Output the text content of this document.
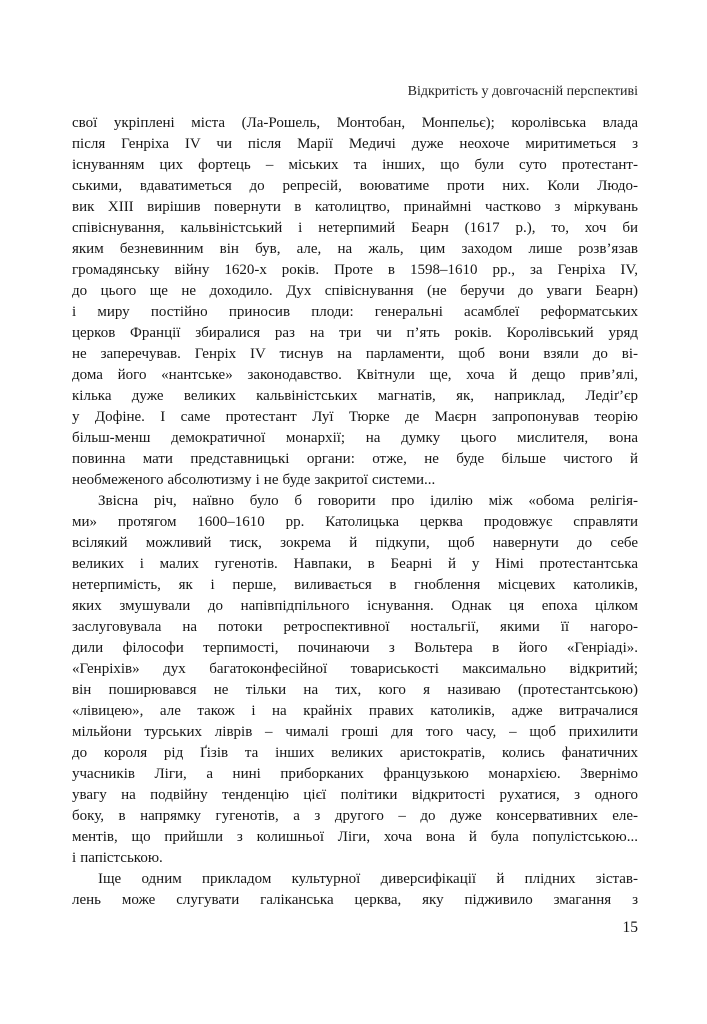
Відкритість у довгочасній перспективі
свої укріплені міста (Ла-Рошель, Монтобан, Монпельє); королівська влада
після Генріха IV чи після Марії Медичі дуже неохоче миритиметься з
існуванням цих фортець – міських та інших, що були суто протестант-
ськими, вдаватиметься до репресій, воюватиме проти них. Коли Людо-
вик XIII вирішив повернути в католицтво, принаймні частково з міркувань
співіснування, кальвіністський і нетерпимий Беарн (1617 р.), то, хоч би
яким безневинним він був, але, на жаль, цим заходом лише розв’язав
громадянську війну 1620-х років. Проте в 1598–1610 рр., за Генріха IV,
до цього ще не доходило. Дух співіснування (не беручи до уваги Беарн)
і миру постійно приносив плоди: генеральні асамблеї реформатських
церков Франції збиралися раз на три чи п’ять років. Королівський уряд
не заперечував. Генріх IV тиснув на парламенти, щоб вони взяли до ві-
дома його «нантське» законодавство. Квітнули ще, хоча й дещо прив’ялі,
кілька дуже великих кальвіністських магнатів, як, наприклад, Ледіґ’єр
у Дофіне. І саме протестант Луї Тюрке де Маєрн запропонував теорію
більш-менш демократичної монархії; на думку цього мислителя, вона
повинна мати представницькі органи: отже, не буде більше чистого й
необмеженого абсолютизму і не буде закритої системи...
Звісна річ, наївно було б говорити про ідилію між «обома релігія-
ми» протягом 1600–1610 рр. Католицька церква продовжує справляти
всілякий можливий тиск, зокрема й підкупи, щоб навернути до себе
великих і малих гугенотів. Навпаки, в Беарні й у Німі протестантська
нетерпимість, як і перше, виливається в гноблення місцевих католиків,
яких змушували до напівпідпільного існування. Однак ця епоха цілком
заслуговувала на потоки ретроспективної ностальгії, якими її нагоро-
дили філософи терпимості, починаючи з Вольтера в його «Генріаді».
«Генріхів» дух багатоконфесійної товариськості максимально відкритий;
він поширювався не тільки на тих, кого я називаю (протестантською)
«лівицею», але також і на крайніх правих католиків, адже витрачалися
мільйони турських ліврів – чималі гроші для того часу, – щоб прихилити
до короля рід Ґізів та інших великих аристократів, колись фанатичних
учасників Ліги, а нині приборканих французькою монархією. Звернімо
увагу на подвійну тенденцію цієї політики відкритості рухатися, з одного
боку, в напрямку гугенотів, а з другого – до дуже консервативних еле-
ментів, що прийшли з колишньої Ліги, хоча вона й була популістською...
і папістською.
Іще одним прикладом культурної диверсифікації й плідних зістав-
лень може слугувати галіканська церква, яку підживило змагання з
15
